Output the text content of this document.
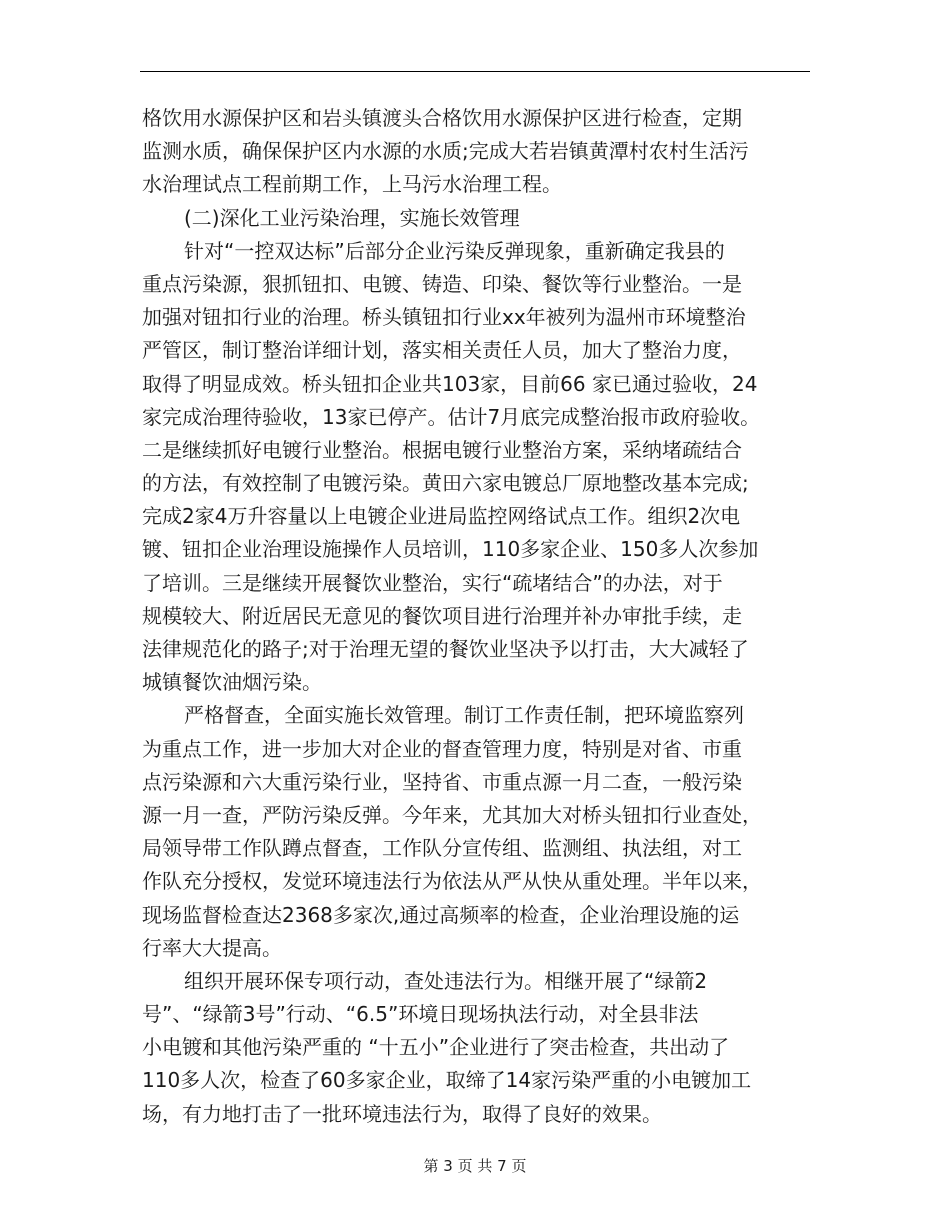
格饮用水源保护区和岩头镇渡头合格饮用水源保护区进行检查，定期
监测水质，确保保护区内水源的水质;完成大若岩镇黄潭村农村生活污
水治理试点工程前期工作，上马污水治理工程。
(二)深化工业污染治理，实施长效管理
针对“一控双达标”后部分企业污染反弹现象，重新确定我县的
重点污染源，狠抓钮扣、电镀、铸造、印染、餐饮等行业整治。一是
加强对钮扣行业的治理。桥头镇钮扣行业xx年被列为温州市环境整治
严管区，制订整治详细计划，落实相关责任人员，加大了整治力度，
取得了明显成效。桥头钮扣企业共103家，目前66 家已通过验收，24
家完成治理待验收，13家已停产。估计7月底完成整治报市政府验收。
二是继续抓好电镀行业整治。根据电镀行业整治方案，采纳堵疏结合
的方法，有效控制了电镀污染。黄田六家电镀总厂原地整改基本完成;
完成2家4万升容量以上电镀企业进局监控网络试点工作。组织2次电
镀、钮扣企业治理设施操作人员培训，110多家企业、150多人次参加
了培训。三是继续开展餐饮业整治，实行“疏堵结合”的办法，对于
规模较大、附近居民无意见的餐饮项目进行治理并补办审批手续，走
法律规范化的路子;对于治理无望的餐饮业坚决予以打击，大大减轻了
城镇餐饮油烟污染。
严格督查，全面实施长效管理。制订工作责任制，把环境监察列
为重点工作，进一步加大对企业的督查管理力度，特别是对省、市重
点污染源和六大重污染行业，坚持省、市重点源一月二查，一般污染
源一月一查，严防污染反弹。今年来，尤其加大对桥头钮扣行业查处，
局领导带工作队蹲点督查，工作队分宣传组、监测组、执法组，对工
作队充分授权，发觉环境违法行为依法从严从快从重处理。半年以来，
现场监督检查达2368多家次,通过高频率的检查，企业治理设施的运
行率大大提高。
组织开展环保专项行动，查处违法行为。相继开展了“绿箭2
号”、“绿箭3号”行动、“6.5”环境日现场执法行动，对全县非法
小电镀和其他污染严重的 “十五小”企业进行了突击检查，共出动了
110多人次，检查了60多家企业，取缔了14家污染严重的小电镀加工
场，有力地打击了一批环境违法行为，取得了良好的效果。
第 3 页 共 7 页
